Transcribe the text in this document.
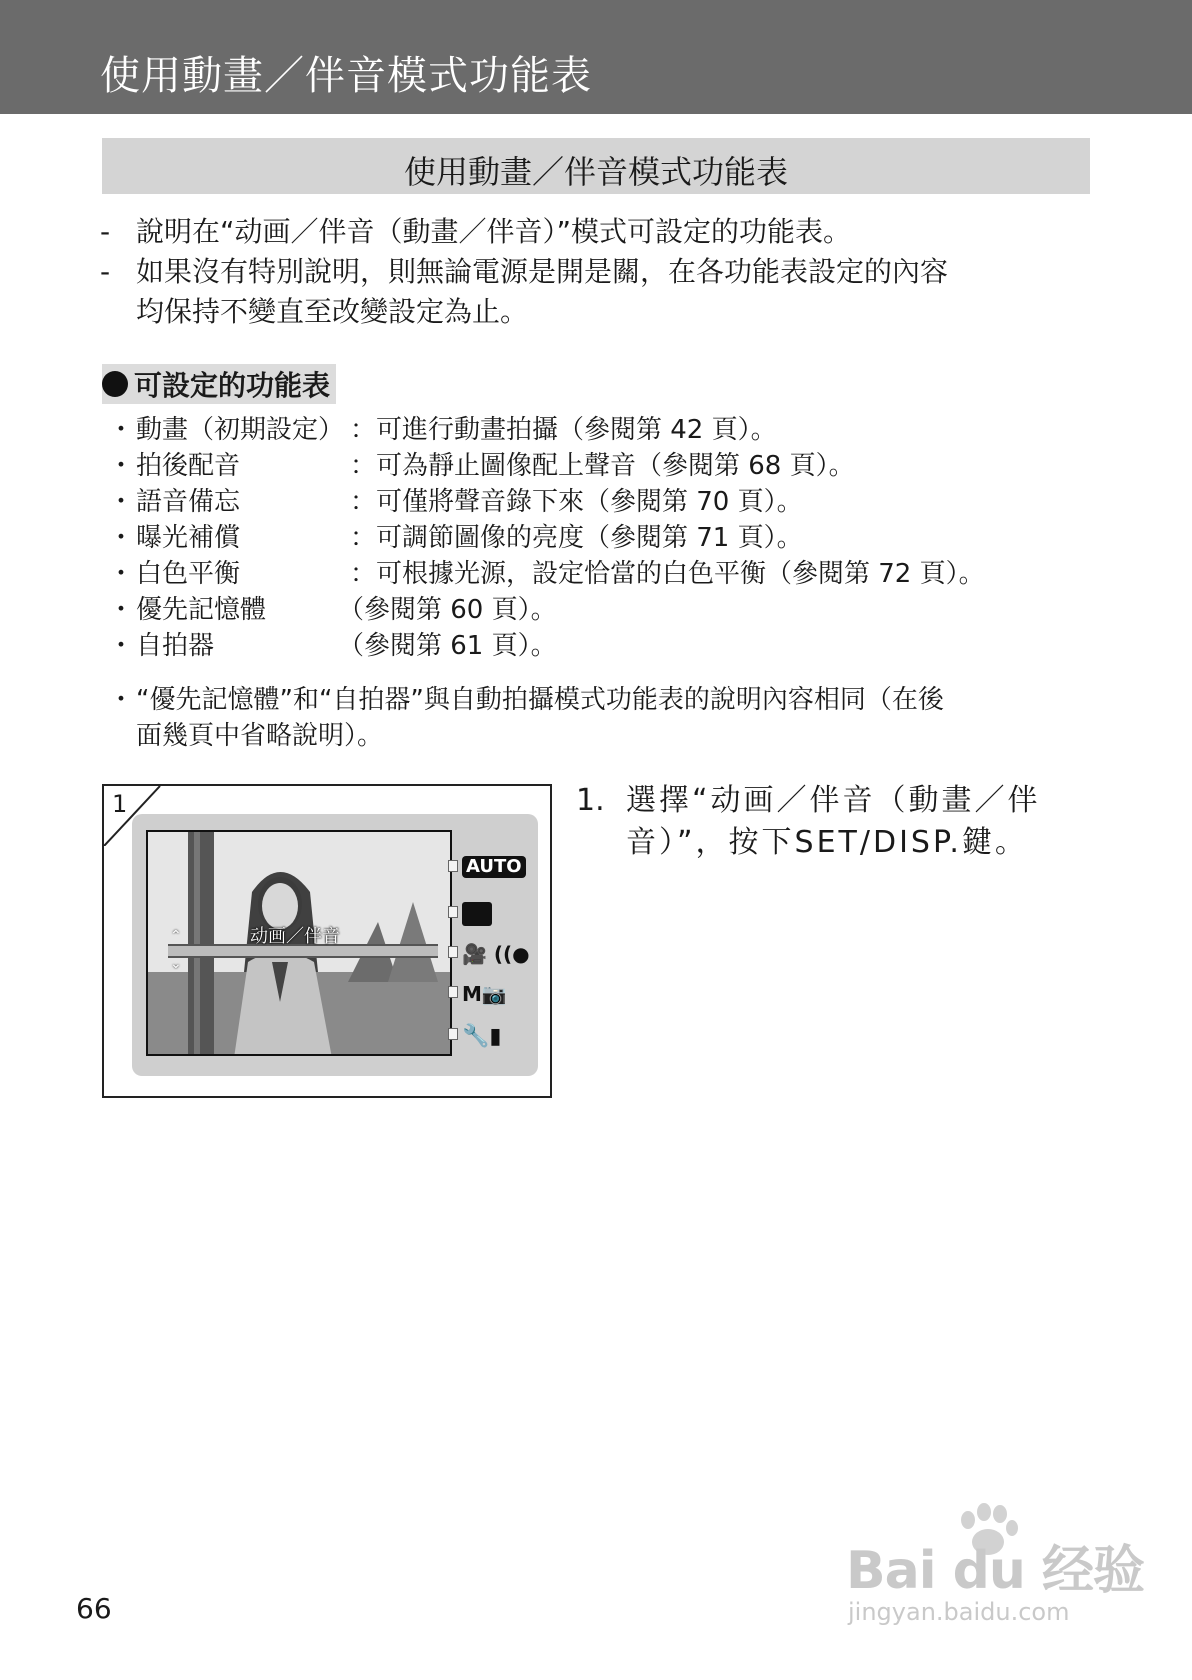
使用動畫／伴音模式功能表
使用動畫／伴音模式功能表
- 說明在“动画／伴音（動畫／伴音）”模式可設定的功能表。
- 如果沒有特別說明，則無論電源是開是關，在各功能表設定的內容
均保持不變直至改變設定為止。
可設定的功能表
・ 動畫（初期設定） ：可進行動畫拍攝（參閱第 42 頁）。
・ 拍後配音	：可為靜止圖像配上聲音（參閱第 68 頁）。
・ 語音備忘	：可僅將聲音錄下來（參閱第 70 頁）。
・ 曝光補償	：可調節圖像的亮度（參閱第 71 頁）。
・ 白色平衡	：可根據光源，設定恰當的白色平衡（參閱第 72 頁）。
・ 優先記憶體	（參閱第 60 頁）。
・ 自拍器	（參閱第 61 頁）。
・ “優先記憶體”和“自拍器”與自動拍攝模式功能表的說明內容相同（在後
面幾頁中省略說明）。
1
动画／伴音
⌃
⌄
AUTO
🎥 ((●
M📷
🔧▮
1. 選擇“动画／伴音（動畫／伴音）”，按下SET/DISP.鍵。
66
Bai du 经验
jingyan.baidu.com
